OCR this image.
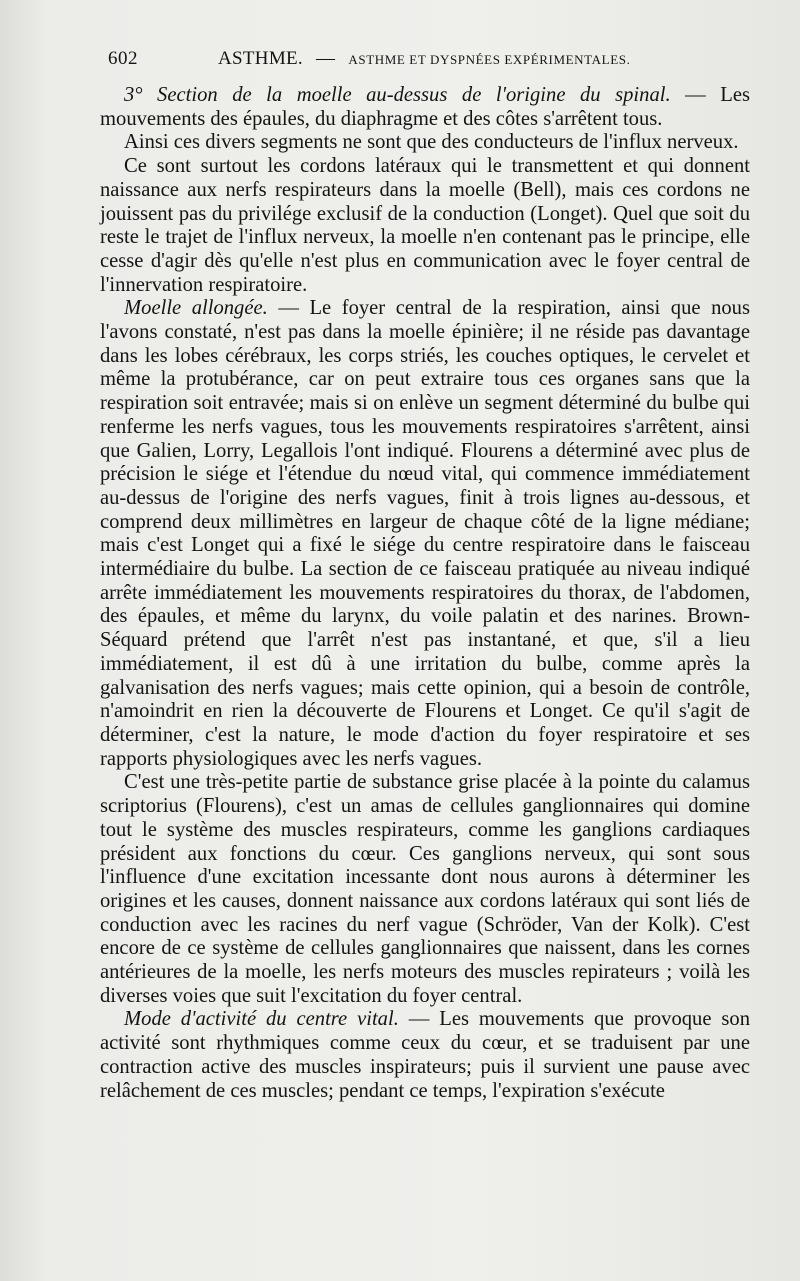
602	ASTHME. — ASTHME ET DYSPNÉES EXPÉRIMENTALES.

3° Section de la moelle au-dessus de l'origine du spinal. — Les mouvements des épaules, du diaphragme et des côtes s'arrêtent tous.

Ainsi ces divers segments ne sont que des conducteurs de l'influx nerveux.

Ce sont surtout les cordons latéraux qui le transmettent et qui donnent naissance aux nerfs respirateurs dans la moelle (Bell), mais ces cordons ne jouissent pas du privilége exclusif de la conduction (Longet). Quel que soit du reste le trajet de l'influx nerveux, la moelle n'en contenant pas le principe, elle cesse d'agir dès qu'elle n'est plus en communication avec le foyer central de l'innervation respiratoire.

Moelle allongée. — Le foyer central de la respiration, ainsi que nous l'avons constaté, n'est pas dans la moelle épinière; il ne réside pas davantage dans les lobes cérébraux, les corps striés, les couches optiques, le cervelet et même la protubérance, car on peut extraire tous ces organes sans que la respiration soit entravée; mais si on enlève un segment déterminé du bulbe qui renferme les nerfs vagues, tous les mouvements respiratoires s'arrêtent, ainsi que Galien, Lorry, Legallois l'ont indiqué. Flourens a déterminé avec plus de précision le siége et l'étendue du nœud vital, qui commence immédiatement au-dessus de l'origine des nerfs vagues, finit à trois lignes au-dessous, et comprend deux millimètres en largeur de chaque côté de la ligne médiane; mais c'est Longet qui a fixé le siége du centre respiratoire dans le faisceau intermédiaire du bulbe. La section de ce faisceau pratiquée au niveau indiqué arrête immédiatement les mouvements respiratoires du thorax, de l'abdomen, des épaules, et même du larynx, du voile palatin et des narines. Brown-Séquard prétend que l'arrêt n'est pas instantané, et que, s'il a lieu immédiatement, il est dû à une irritation du bulbe, comme après la galvanisation des nerfs vagues; mais cette opinion, qui a besoin de contrôle, n'amoindrit en rien la découverte de Flourens et Longet. Ce qu'il s'agit de déterminer, c'est la nature, le mode d'action du foyer respiratoire et ses rapports physiologiques avec les nerfs vagues.

C'est une très-petite partie de substance grise placée à la pointe du calamus scriptorius (Flourens), c'est un amas de cellules ganglionnaires qui domine tout le système des muscles respirateurs, comme les ganglions cardiaques président aux fonctions du cœur. Ces ganglions nerveux, qui sont sous l'influence d'une excitation incessante dont nous aurons à déterminer les origines et les causes, donnent naissance aux cordons latéraux qui sont liés de conduction avec les racines du nerf vague (Schröder, Van der Kolk). C'est encore de ce système de cellules ganglionnaires que naissent, dans les cornes antérieures de la moelle, les nerfs moteurs des muscles repirateurs ; voilà les diverses voies que suit l'excitation du foyer central.

Mode d'activité du centre vital. — Les mouvements que provoque son activité sont rhythmiques comme ceux du cœur, et se traduisent par une contraction active des muscles inspirateurs; puis il survient une pause avec relâchement de ces muscles; pendant ce temps, l'expiration s'exécute
